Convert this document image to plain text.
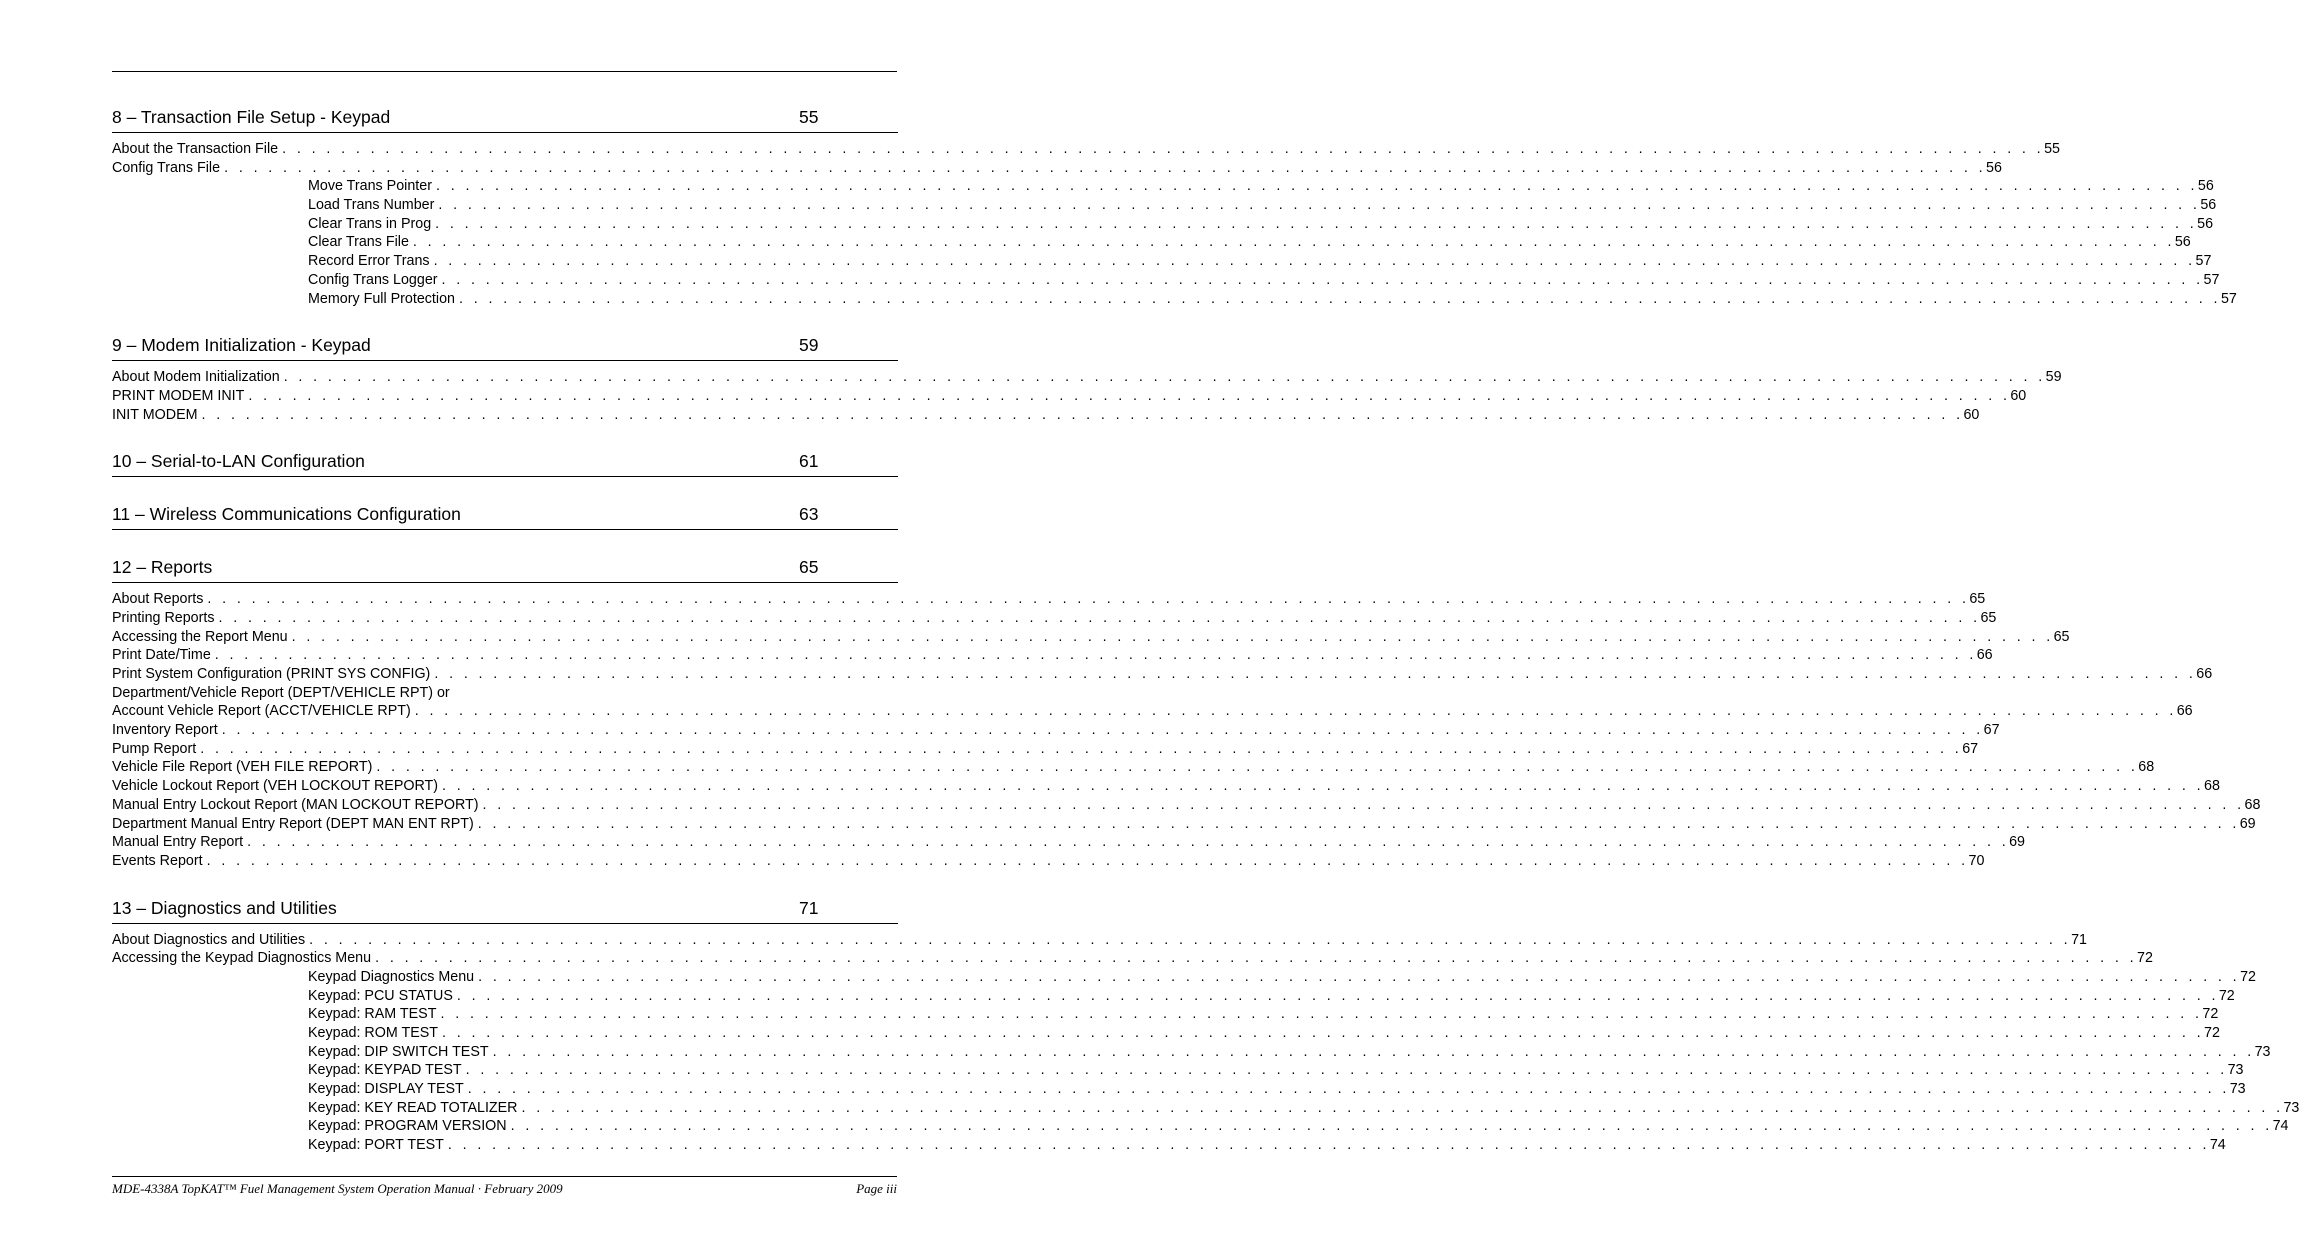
8 – Transaction File Setup - Keypad	55
About the Transaction File . . . . . . . . . . . . . . . . . . . . . . . . . . . . . . . . . . . . . . . . . . . . . . . . . . . . . . . . . . . . . . . . . . . . . . . . . . . . . . . . . . . . . . . . . . . . . . . . . . . . . . . . . . . . . . . . . . . . . . . . 55
Config Trans File . . . . . . . . . . . . . . . . . . . . . . . . . . . . . . . . . . . . . . . . . . . . . . . . . . . . . . . . . . . . . . . . . . . . . . . . . . . . . . . . . . . . . . . . . . . . . . . . . . . . . . . . . . . . . . . . . . . . . . . . 56
Move Trans Pointer . . . . . . . . . . . . . . . . . . . . . . . . . . . . . . . . . . . . . . . . . . . . . . . . . . . . . . . . . . . . . . . . . . . . . . . . . . . . . . . . . . . . . . . . . . . . . . . . . . . . . . . . . . . . . . . . . . . . . . . . 56
Load Trans Number . . . . . . . . . . . . . . . . . . . . . . . . . . . . . . . . . . . . . . . . . . . . . . . . . . . . . . . . . . . . . . . . . . . . . . . . . . . . . . . . . . . . . . . . . . . . . . . . . . . . . . . . . . . . . . . . . . . . . . . . 56
Clear Trans in Prog . . . . . . . . . . . . . . . . . . . . . . . . . . . . . . . . . . . . . . . . . . . . . . . . . . . . . . . . . . . . . . . . . . . . . . . . . . . . . . . . . . . . . . . . . . . . . . . . . . . . . . . . . . . . . . . . . . . . . . . . 56
Clear Trans File . . . . . . . . . . . . . . . . . . . . . . . . . . . . . . . . . . . . . . . . . . . . . . . . . . . . . . . . . . . . . . . . . . . . . . . . . . . . . . . . . . . . . . . . . . . . . . . . . . . . . . . . . . . . . . . . . . . . . . . . 56
Record Error Trans . . . . . . . . . . . . . . . . . . . . . . . . . . . . . . . . . . . . . . . . . . . . . . . . . . . . . . . . . . . . . . . . . . . . . . . . . . . . . . . . . . . . . . . . . . . . . . . . . . . . . . . . . . . . . . . . . . . . . . . . 57
Config Trans Logger . . . . . . . . . . . . . . . . . . . . . . . . . . . . . . . . . . . . . . . . . . . . . . . . . . . . . . . . . . . . . . . . . . . . . . . . . . . . . . . . . . . . . . . . . . . . . . . . . . . . . . . . . . . . . . . . . . . . . . . . 57
Memory Full Protection . . . . . . . . . . . . . . . . . . . . . . . . . . . . . . . . . . . . . . . . . . . . . . . . . . . . . . . . . . . . . . . . . . . . . . . . . . . . . . . . . . . . . . . . . . . . . . . . . . . . . . . . . . . . . . . . . . . . . . . . 57
9 – Modem Initialization - Keypad	59
About Modem Initialization . . . . . . . . . . . . . . . . . . . . . . . . . . . . . . . . . . . . . . . . . . . . . . . . . . . . . . . . . . . . . . . . . . . . . . . . . . . . . . . . . . . . . . . . . . . . . . . . . . . . . . . . . . . . . . . . . . . . . . . . 59
PRINT MODEM INIT . . . . . . . . . . . . . . . . . . . . . . . . . . . . . . . . . . . . . . . . . . . . . . . . . . . . . . . . . . . . . . . . . . . . . . . . . . . . . . . . . . . . . . . . . . . . . . . . . . . . . . . . . . . . . . . . . . . . . . . . 60
INIT MODEM . . . . . . . . . . . . . . . . . . . . . . . . . . . . . . . . . . . . . . . . . . . . . . . . . . . . . . . . . . . . . . . . . . . . . . . . . . . . . . . . . . . . . . . . . . . . . . . . . . . . . . . . . . . . . . . . . . . . . . . . 60
10 – Serial-to-LAN Configuration	61
11 – Wireless Communications Configuration	63
12 – Reports	65
About Reports . . . . . . . . . . . . . . . . . . . . . . . . . . . . . . . . . . . . . . . . . . . . . . . . . . . . . . . . . . . . . . . . . . . . . . . . . . . . . . . . . . . . . . . . . . . . . . . . . . . . . . . . . . . . . . . . . . . . . . . . 65
Printing Reports . . . . . . . . . . . . . . . . . . . . . . . . . . . . . . . . . . . . . . . . . . . . . . . . . . . . . . . . . . . . . . . . . . . . . . . . . . . . . . . . . . . . . . . . . . . . . . . . . . . . . . . . . . . . . . . . . . . . . . . . 65
Accessing the Report Menu . . . . . . . . . . . . . . . . . . . . . . . . . . . . . . . . . . . . . . . . . . . . . . . . . . . . . . . . . . . . . . . . . . . . . . . . . . . . . . . . . . . . . . . . . . . . . . . . . . . . . . . . . . . . . . . . . . . . . . . . 65
Print Date/Time . . . . . . . . . . . . . . . . . . . . . . . . . . . . . . . . . . . . . . . . . . . . . . . . . . . . . . . . . . . . . . . . . . . . . . . . . . . . . . . . . . . . . . . . . . . . . . . . . . . . . . . . . . . . . . . . . . . . . . . . 66
Print System Configuration (PRINT SYS CONFIG) . . . . . . . . . . . . . . . . . . . . . . . . . . . . . . . . . . . . . . . . . . . . . . . . . . . . . . . . . . . . . . . . . . . . . . . . . . . . . . . . . . . . . . . . . . . . . . . . . . . . . . . . . . . . . . . . . . . . . . . . 66
Department/Vehicle Report (DEPT/VEHICLE RPT) or
Account Vehicle Report (ACCT/VEHICLE RPT) . . . . . . . . . . . . . . . . . . . . . . . . . . . . . . . . . . . . . . . . . . . . . . . . . . . . . . . . . . . . . . . . . . . . . . . . . . . . . . . . . . . . . . . . . . . . . . . . . . . . . . . . . . . . . . . . . . . . . . . . 66
Inventory Report . . . . . . . . . . . . . . . . . . . . . . . . . . . . . . . . . . . . . . . . . . . . . . . . . . . . . . . . . . . . . . . . . . . . . . . . . . . . . . . . . . . . . . . . . . . . . . . . . . . . . . . . . . . . . . . . . . . . . . . . 67
Pump Report . . . . . . . . . . . . . . . . . . . . . . . . . . . . . . . . . . . . . . . . . . . . . . . . . . . . . . . . . . . . . . . . . . . . . . . . . . . . . . . . . . . . . . . . . . . . . . . . . . . . . . . . . . . . . . . . . . . . . . . . 67
Vehicle File Report (VEH FILE REPORT) . . . . . . . . . . . . . . . . . . . . . . . . . . . . . . . . . . . . . . . . . . . . . . . . . . . . . . . . . . . . . . . . . . . . . . . . . . . . . . . . . . . . . . . . . . . . . . . . . . . . . . . . . . . . . . . . . . . . . . . . 68
Vehicle Lockout Report (VEH LOCKOUT REPORT) . . . . . . . . . . . . . . . . . . . . . . . . . . . . . . . . . . . . . . . . . . . . . . . . . . . . . . . . . . . . . . . . . . . . . . . . . . . . . . . . . . . . . . . . . . . . . . . . . . . . . . . . . . . . . . . . . . . . . . . . 68
Manual Entry Lockout Report (MAN LOCKOUT REPORT) . . . . . . . . . . . . . . . . . . . . . . . . . . . . . . . . . . . . . . . . . . . . . . . . . . . . . . . . . . . . . . . . . . . . . . . . . . . . . . . . . . . . . . . . . . . . . . . . . . . . . . . . . . . . . . . . . . . . . . . . 68
Department Manual Entry Report (DEPT MAN ENT RPT) . . . . . . . . . . . . . . . . . . . . . . . . . . . . . . . . . . . . . . . . . . . . . . . . . . . . . . . . . . . . . . . . . . . . . . . . . . . . . . . . . . . . . . . . . . . . . . . . . . . . . . . . . . . . . . . . . . . . . . . . 69
Manual Entry Report . . . . . . . . . . . . . . . . . . . . . . . . . . . . . . . . . . . . . . . . . . . . . . . . . . . . . . . . . . . . . . . . . . . . . . . . . . . . . . . . . . . . . . . . . . . . . . . . . . . . . . . . . . . . . . . . . . . . . . . . 69
Events Report . . . . . . . . . . . . . . . . . . . . . . . . . . . . . . . . . . . . . . . . . . . . . . . . . . . . . . . . . . . . . . . . . . . . . . . . . . . . . . . . . . . . . . . . . . . . . . . . . . . . . . . . . . . . . . . . . . . . . . . . 70
13 – Diagnostics and Utilities	71
About Diagnostics and Utilities . . . . . . . . . . . . . . . . . . . . . . . . . . . . . . . . . . . . . . . . . . . . . . . . . . . . . . . . . . . . . . . . . . . . . . . . . . . . . . . . . . . . . . . . . . . . . . . . . . . . . . . . . . . . . . . . . . . . . . . . 71
Accessing the Keypad Diagnostics Menu . . . . . . . . . . . . . . . . . . . . . . . . . . . . . . . . . . . . . . . . . . . . . . . . . . . . . . . . . . . . . . . . . . . . . . . . . . . . . . . . . . . . . . . . . . . . . . . . . . . . . . . . . . . . . . . . . . . . . . . . 72
Keypad Diagnostics Menu . . . . . . . . . . . . . . . . . . . . . . . . . . . . . . . . . . . . . . . . . . . . . . . . . . . . . . . . . . . . . . . . . . . . . . . . . . . . . . . . . . . . . . . . . . . . . . . . . . . . . . . . . . . . . . . . . . . . . . . . 72
Keypad: PCU STATUS . . . . . . . . . . . . . . . . . . . . . . . . . . . . . . . . . . . . . . . . . . . . . . . . . . . . . . . . . . . . . . . . . . . . . . . . . . . . . . . . . . . . . . . . . . . . . . . . . . . . . . . . . . . . . . . . . . . . . . . . 72
Keypad: RAM TEST . . . . . . . . . . . . . . . . . . . . . . . . . . . . . . . . . . . . . . . . . . . . . . . . . . . . . . . . . . . . . . . . . . . . . . . . . . . . . . . . . . . . . . . . . . . . . . . . . . . . . . . . . . . . . . . . . . . . . . . . 72
Keypad: ROM TEST . . . . . . . . . . . . . . . . . . . . . . . . . . . . . . . . . . . . . . . . . . . . . . . . . . . . . . . . . . . . . . . . . . . . . . . . . . . . . . . . . . . . . . . . . . . . . . . . . . . . . . . . . . . . . . . . . . . . . . . . 72
Keypad: DIP SWITCH TEST . . . . . . . . . . . . . . . . . . . . . . . . . . . . . . . . . . . . . . . . . . . . . . . . . . . . . . . . . . . . . . . . . . . . . . . . . . . . . . . . . . . . . . . . . . . . . . . . . . . . . . . . . . . . . . . . . . . . . . . . 73
Keypad: KEYPAD TEST . . . . . . . . . . . . . . . . . . . . . . . . . . . . . . . . . . . . . . . . . . . . . . . . . . . . . . . . . . . . . . . . . . . . . . . . . . . . . . . . . . . . . . . . . . . . . . . . . . . . . . . . . . . . . . . . . . . . . . . . 73
Keypad: DISPLAY TEST . . . . . . . . . . . . . . . . . . . . . . . . . . . . . . . . . . . . . . . . . . . . . . . . . . . . . . . . . . . . . . . . . . . . . . . . . . . . . . . . . . . . . . . . . . . . . . . . . . . . . . . . . . . . . . . . . . . . . . . . 73
Keypad: KEY READ TOTALIZER . . . . . . . . . . . . . . . . . . . . . . . . . . . . . . . . . . . . . . . . . . . . . . . . . . . . . . . . . . . . . . . . . . . . . . . . . . . . . . . . . . . . . . . . . . . . . . . . . . . . . . . . . . . . . . . . . . . . . . . . 73
Keypad: PROGRAM VERSION . . . . . . . . . . . . . . . . . . . . . . . . . . . . . . . . . . . . . . . . . . . . . . . . . . . . . . . . . . . . . . . . . . . . . . . . . . . . . . . . . . . . . . . . . . . . . . . . . . . . . . . . . . . . . . . . . . . . . . . . 74
Keypad: PORT TEST . . . . . . . . . . . . . . . . . . . . . . . . . . . . . . . . . . . . . . . . . . . . . . . . . . . . . . . . . . . . . . . . . . . . . . . . . . . . . . . . . . . . . . . . . . . . . . . . . . . . . . . . . . . . . . . . . . . . . . . . 74
MDE-4338A TopKAT™ Fuel Management System Operation Manual · February 2009	Page iii
